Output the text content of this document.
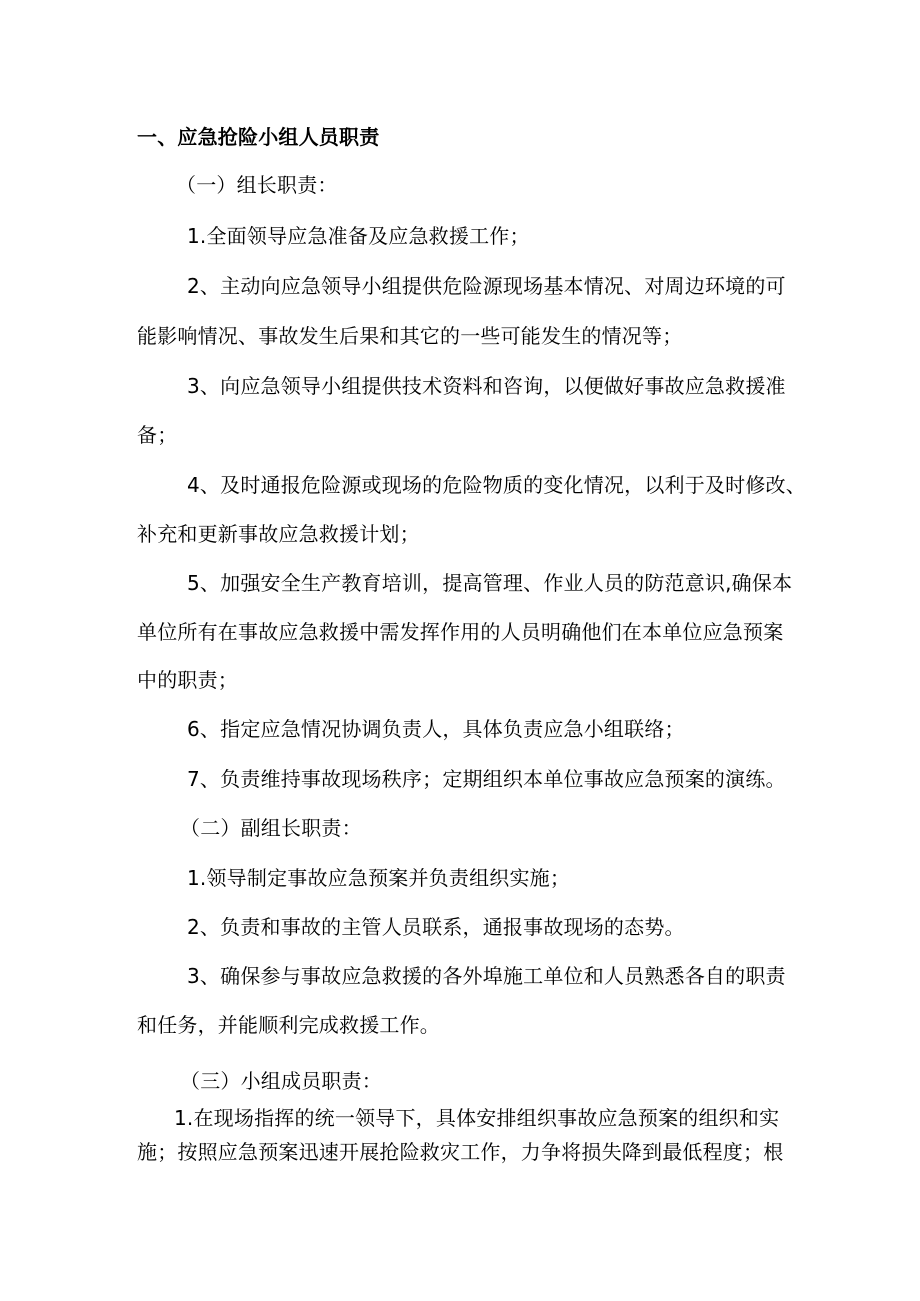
一、应急抢险小组人员职责
（一）组长职责：
1.全面领导应急准备及应急救援工作；
2、主动向应急领导小组提供危险源现场基本情况、对周边环境的可
能影响情况、事故发生后果和其它的一些可能发生的情况等；
3、向应急领导小组提供技术资料和咨询，以便做好事故应急救援准
备；
4、及时通报危险源或现场的危险物质的变化情况，以利于及时修改、
补充和更新事故应急救援计划；
5、加强安全生产教育培训，提高管理、作业人员的防范意识,确保本
单位所有在事故应急救援中需发挥作用的人员明确他们在本单位应急预案
中的职责；
6、指定应急情况协调负责人，具体负责应急小组联络；
7、负责维持事故现场秩序；定期组织本单位事故应急预案的演练。
（二）副组长职责：
1.领导制定事故应急预案并负责组织实施；
2、负责和事故的主管人员联系，通报事故现场的态势。
3、确保参与事故应急救援的各外埠施工单位和人员熟悉各自的职责
和任务，并能顺利完成救援工作。
（三）小组成员职责：
1.在现场指挥的统一领导下，具体安排组织事故应急预案的组织和实
施；按照应急预案迅速开展抢险救灾工作，力争将损失降到最低程度；根
